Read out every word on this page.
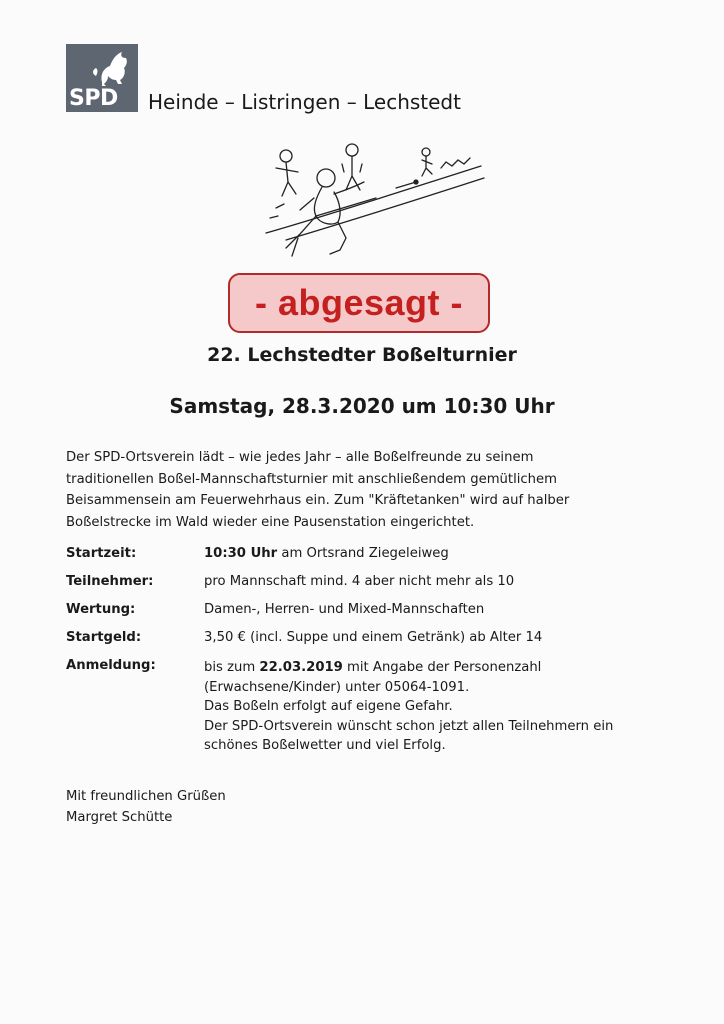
SPD Heinde – Listringen – Lechstedt
- abgesagt -
22. Lechstedter Boßelturnier
Samstag, 28.3.2020 um 10:30 Uhr
Der SPD-Ortsverein lädt – wie jedes Jahr – alle Boßelfreunde zu seinem
traditionellen Boßel-Mannschaftsturnier mit anschließendem gemütlichem
Beisammensein am Feuerwehrhaus ein. Zum "Kräftetanken" wird auf halber
Boßelstrecke im Wald wieder eine Pausenstation eingerichtet.
Startzeit:	10:30 Uhr am Ortsrand Ziegeleiweg
Teilnehmer:	pro Mannschaft mind. 4 aber nicht mehr als 10
Wertung:	Damen-, Herren- und Mixed-Mannschaften
Startgeld:	3,50 € (incl. Suppe und einem Getränk) ab Alter 14
Anmeldung:	bis zum 22.03.2019 mit Angabe der Personenzahl
(Erwachsene/Kinder) unter 05064-1091.
Das Boßeln erfolgt auf eigene Gefahr.
Der SPD-Ortsverein wünscht schon jetzt allen Teilnehmern ein
schönes Boßelwetter und viel Erfolg.
Mit freundlichen Grüßen
Margret Schütte
